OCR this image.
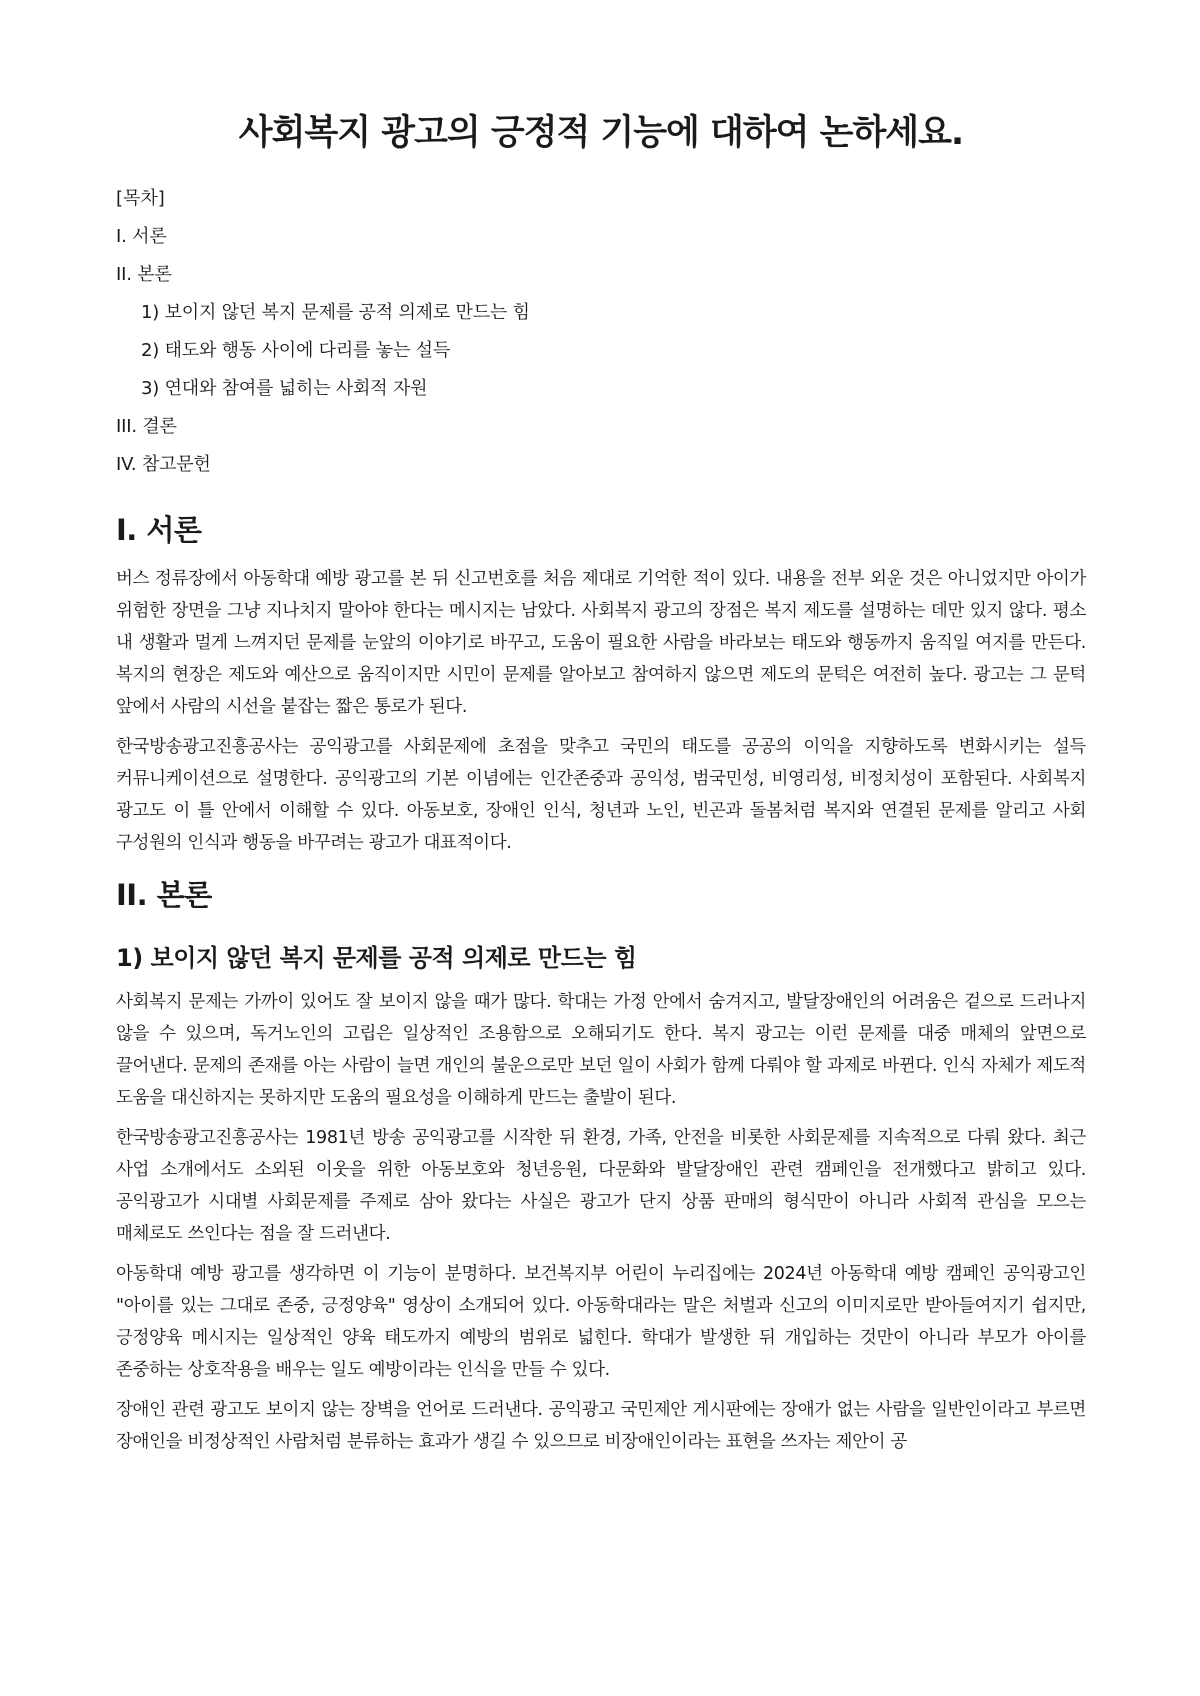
사회복지 광고의 긍정적 기능에 대하여 논하세요.

[목차]

I. 서론
II. 본론
1) 보이지 않던 복지 문제를 공적 의제로 만드는 힘
2) 태도와 행동 사이에 다리를 놓는 설득
3) 연대와 참여를 넓히는 사회적 자원
III. 결론
IV. 참고문헌
I. 서론

버스 정류장에서 아동학대 예방 광고를 본 뒤 신고번호를 처음 제대로 기억한 적이 있다. 내용을 전부 외운 것은 아니었지만 아이가 위험한 장면을 그냥 지나치지 말아야 한다는 메시지는 남았다. 사회복지 광고의 장점은 복지 제도를 설명하는 데만 있지 않다. 평소 내 생활과 멀게 느껴지던 문제를 눈앞의 이야기로 바꾸고, 도움이 필요한 사람을 바라보는 태도와 행동까지 움직일 여지를 만든다. 복지의 현장은 제도와 예산으로 움직이지만 시민이 문제를 알아보고 참여하지 않으면 제도의 문턱은 여전히 높다. 광고는 그 문턱 앞에서 사람의 시선을 붙잡는 짧은 통로가 된다.

한국방송광고진흥공사는 공익광고를 사회문제에 초점을 맞추고 국민의 태도를 공공의 이익을 지향하도록 변화시키는 설득 커뮤니케이션으로 설명한다. 공익광고의 기본 이념에는 인간존중과 공익성, 범국민성, 비영리성, 비정치성이 포함된다. 사회복지 광고도 이 틀 안에서 이해할 수 있다. 아동보호, 장애인 인식, 청년과 노인, 빈곤과 돌봄처럼 복지와 연결된 문제를 알리고 사회 구성원의 인식과 행동을 바꾸려는 광고가 대표적이다.

II. 본론
1) 보이지 않던 복지 문제를 공적 의제로 만드는 힘

사회복지 문제는 가까이 있어도 잘 보이지 않을 때가 많다. 학대는 가정 안에서 숨겨지고, 발달장애인의 어려움은 겉으로 드러나지 않을 수 있으며, 독거노인의 고립은 일상적인 조용함으로 오해되기도 한다. 복지 광고는 이런 문제를 대중 매체의 앞면으로 끌어낸다. 문제의 존재를 아는 사람이 늘면 개인의 불운으로만 보던 일이 사회가 함께 다뤄야 할 과제로 바뀐다. 인식 자체가 제도적 도움을 대신하지는 못하지만 도움의 필요성을 이해하게 만드는 출발이 된다.

한국방송광고진흥공사는 1981년 방송 공익광고를 시작한 뒤 환경, 가족, 안전을 비롯한 사회문제를 지속적으로 다뤄 왔다. 최근 사업 소개에서도 소외된 이웃을 위한 아동보호와 청년응원, 다문화와 발달장애인 관련 캠페인을 전개했다고 밝히고 있다. 공익광고가 시대별 사회문제를 주제로 삼아 왔다는 사실은 광고가 단지 상품 판매의 형식만이 아니라 사회적 관심을 모으는 매체로도 쓰인다는 점을 잘 드러낸다.

아동학대 예방 광고를 생각하면 이 기능이 분명하다. 보건복지부 어린이 누리집에는 2024년 아동학대 예방 캠페인 공익광고인 "아이를 있는 그대로 존중, 긍정양육" 영상이 소개되어 있다. 아동학대라는 말은 처벌과 신고의 이미지로만 받아들여지기 쉽지만, 긍정양육 메시지는 일상적인 양육 태도까지 예방의 범위로 넓힌다. 학대가 발생한 뒤 개입하는 것만이 아니라 부모가 아이를 존중하는 상호작용을 배우는 일도 예방이라는 인식을 만들 수 있다.

장애인 관련 광고도 보이지 않는 장벽을 언어로 드러낸다. 공익광고 국민제안 게시판에는 장애가 없는 사람을 일반인이라고 부르면 장애인을 비정상적인 사람처럼 분류하는 효과가 생길 수 있으므로 비장애인이라는 표현을 쓰자는 제안이 공
